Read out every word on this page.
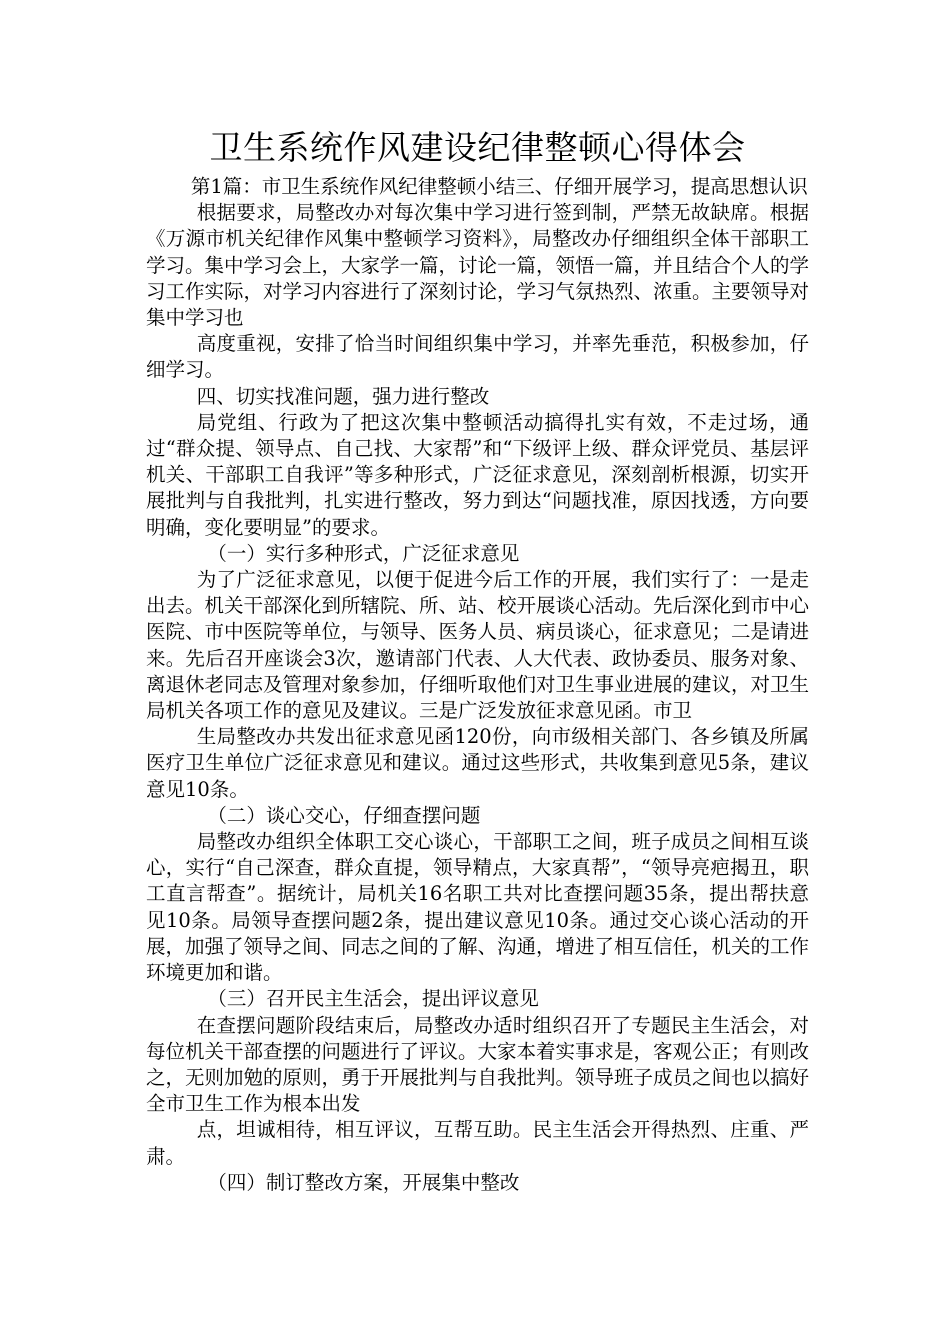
卫生系统作风建设纪律整顿心得体会

第1篇：市卫生系统作风纪律整顿小结三、仔细开展学习，提高思想认识

根据要求，局整改办对每次集中学习进行签到制，严禁无故缺席。根据《万源市机关纪律作风集中整顿学习资料》，局整改办仔细组织全体干部职工学习。集中学习会上，大家学一篇，讨论一篇，领悟一篇，并且结合个人的学习工作实际，对学习内容进行了深刻讨论，学习气氛热烈、浓重。主要领导对集中学习也

高度重视，安排了恰当时间组织集中学习，并率先垂范，积极参加，仔细学习。

四、切实找准问题，强力进行整改

局党组、行政为了把这次集中整顿活动搞得扎实有效，不走过场，通过“群众提、领导点、自己找、大家帮”和“下级评上级、群众评党员、基层评机关、干部职工自我评”等多种形式，广泛征求意见，深刻剖析根源，切实开展批判与自我批判，扎实进行整改，努力到达“问题找准，原因找透，方向要明确，变化要明显”的要求。

（一）实行多种形式，广泛征求意见

为了广泛征求意见，以便于促进今后工作的开展，我们实行了：一是走出去。机关干部深化到所辖院、所、站、校开展谈心活动。先后深化到市中心医院、市中医院等单位，与领导、医务人员、病员谈心，征求意见；二是请进来。先后召开座谈会3次，邀请部门代表、人大代表、政协委员、服务对象、离退休老同志及管理对象参加，仔细听取他们对卫生事业进展的建议，对卫生局机关各项工作的意见及建议。三是广泛发放征求意见函。市卫

生局整改办共发出征求意见函120份，向市级相关部门、各乡镇及所属医疗卫生单位广泛征求意见和建议。通过这些形式，共收集到意见5条，建议意见10条。

（二）谈心交心，仔细查摆问题

局整改办组织全体职工交心谈心，干部职工之间，班子成员之间相互谈心，实行“自己深查，群众直提，领导精点，大家真帮”，“领导亮疤揭丑，职工直言帮查”。据统计，局机关16名职工共对比查摆问题35条，提出帮扶意见10条。局领导查摆问题2条，提出建议意见10条。通过交心谈心活动的开展，加强了领导之间、同志之间的了解、沟通，增进了相互信任，机关的工作环境更加和谐。

（三）召开民主生活会，提出评议意见

在查摆问题阶段结束后，局整改办适时组织召开了专题民主生活会，对每位机关干部查摆的问题进行了评议。大家本着实事求是，客观公正；有则改之，无则加勉的原则，勇于开展批判与自我批判。领导班子成员之间也以搞好全市卫生工作为根本出发

点，坦诚相待，相互评议，互帮互助。民主生活会开得热烈、庄重、严肃。

（四）制订整改方案，开展集中整改
